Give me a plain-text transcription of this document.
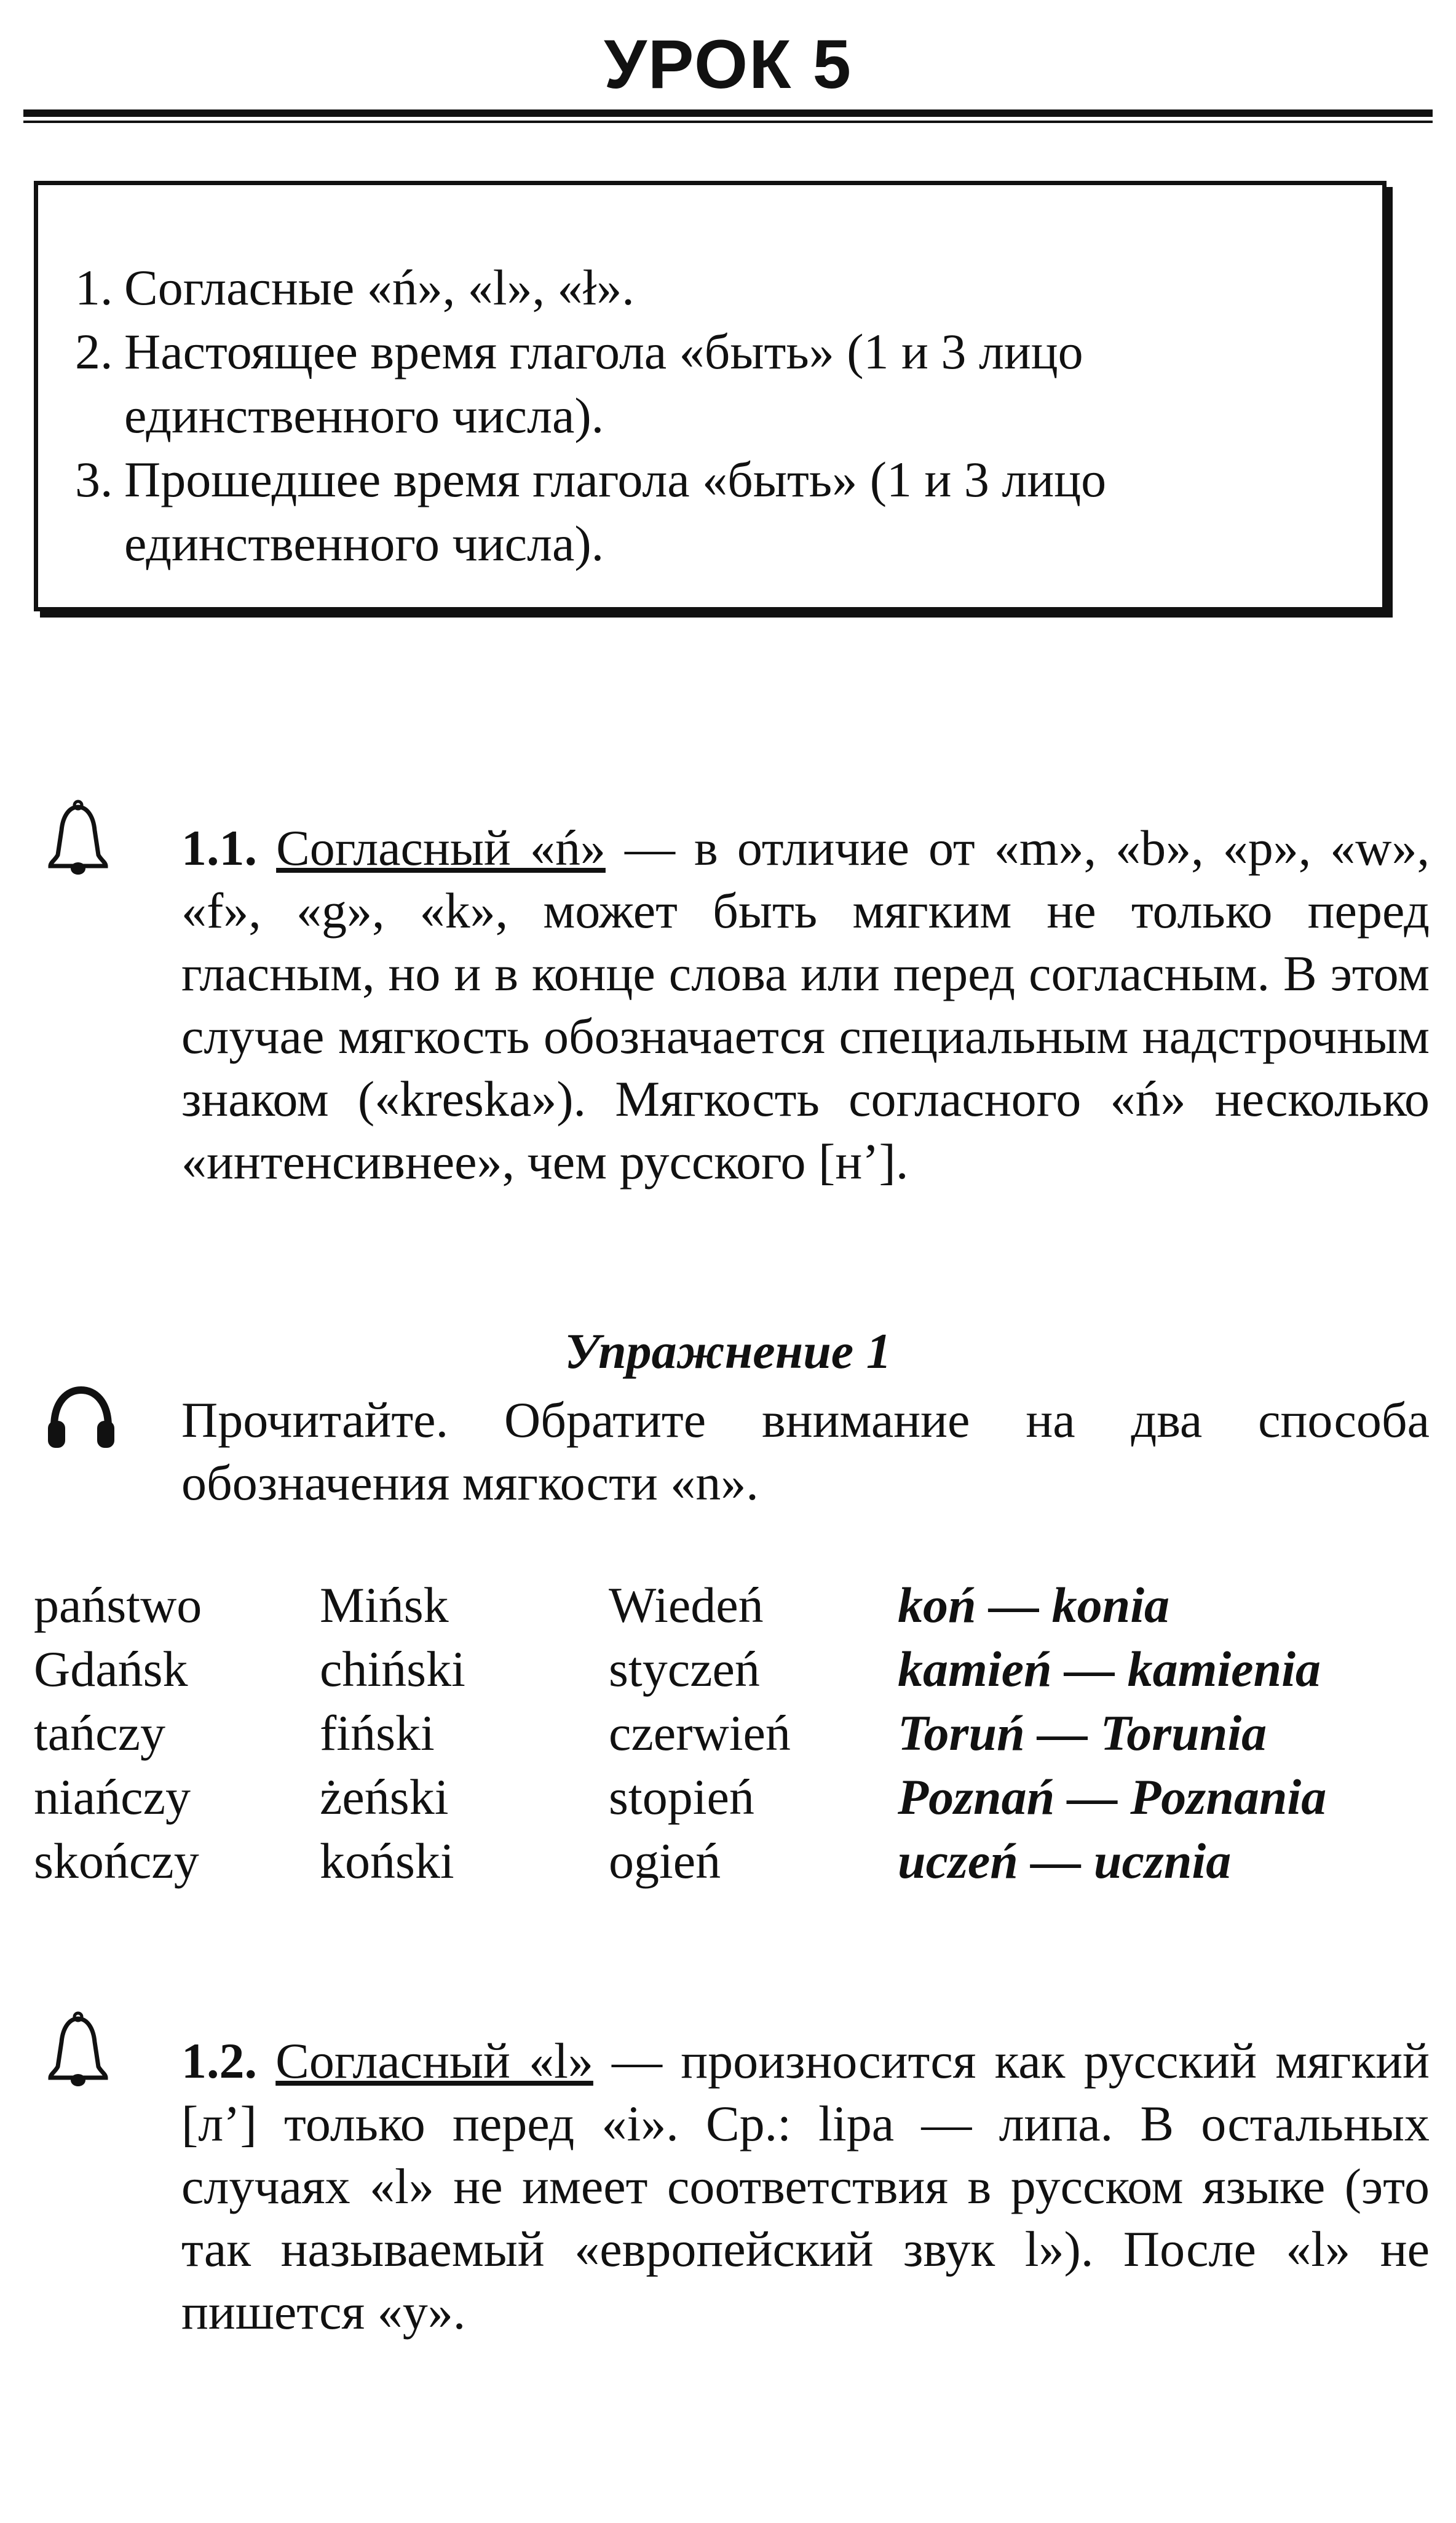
УРОК 5
1. Согласные «ń», «l», «ł».
2. Настоящее время глагола «быть» (1 и 3 лицо единственного числа).
3. Прошедшее время глагола «быть» (1 и 3 лицо единственного числа).
1.1. Согласный «ń» — в отличие от «m», «b», «p», «w», «f», «g», «k», может быть мягким не только перед гласным, но и в конце слова или перед согласным. В этом случае мягкость обозначается специальным надстрочным знаком («kreska»). Мягкость согласного «ń» несколько «интенсивнее», чем русского [н’].
Упражнение 1
Прочитайте. Обратите внимание на два способа обозначения мягкости «n».
państwo
Gdańsk
tańczy
niańczy
skończy
Mińsk
chiński
fiński
żeński
koński
Wiedeń
styczeń
czerwień
stopień
ogień
koń — konia
kamień — kamienia
Toruń — Torunia
Poznań — Poznania
uczeń — ucznia
1.2. Согласный «l» — произносится как русский мягкий [л’] только перед «i». Ср.: lipa — липа. В остальных случаях «l» не имеет соответствия в русском языке (это так называемый «европейский звук l»). После «l» не пишется «y».
